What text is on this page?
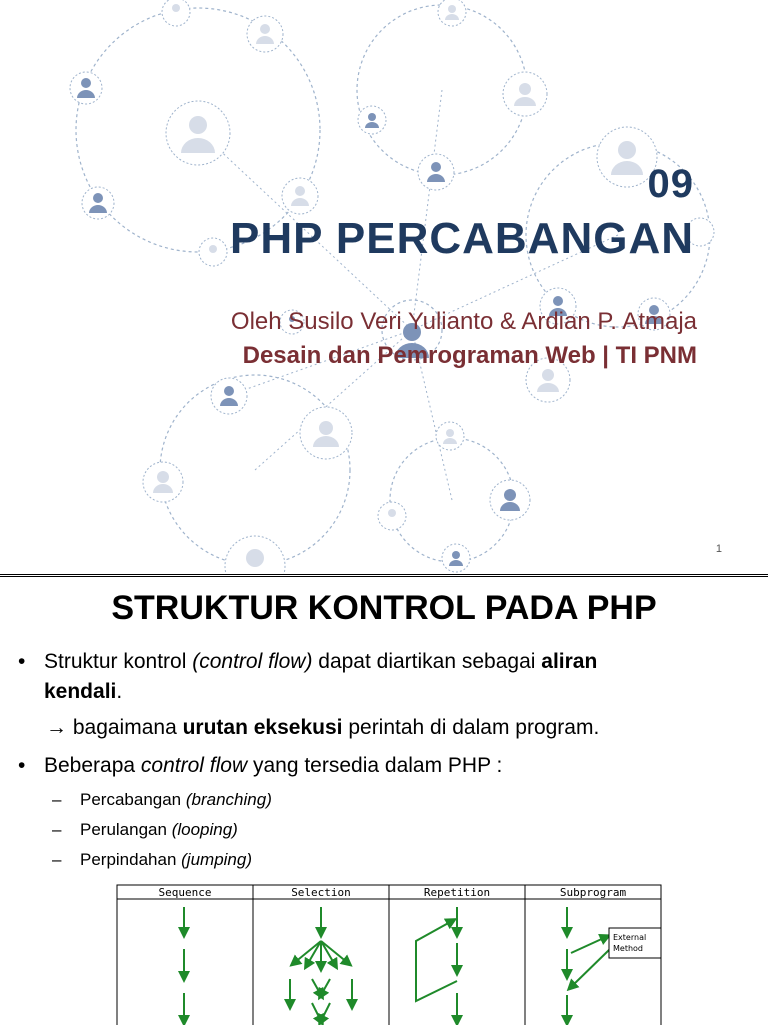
09
PHP PERCABANGAN
Oleh Susilo Veri Yulianto & Ardian P. Atmaja
Desain dan Pemrograman Web | TI PNM
1
STRUKTUR KONTROL PADA PHP
• Struktur kontrol (control flow) dapat diartikan sebagai aliran
kendali.
→ bagaimana urutan eksekusi perintah di dalam program.
• Beberapa control flow yang tersedia dalam PHP :
– Percabangan (branching)
– Perulangan (looping)
– Perpindahan (jumping)
Sequence	Selection	Repetition	Subprogram
External
Method
